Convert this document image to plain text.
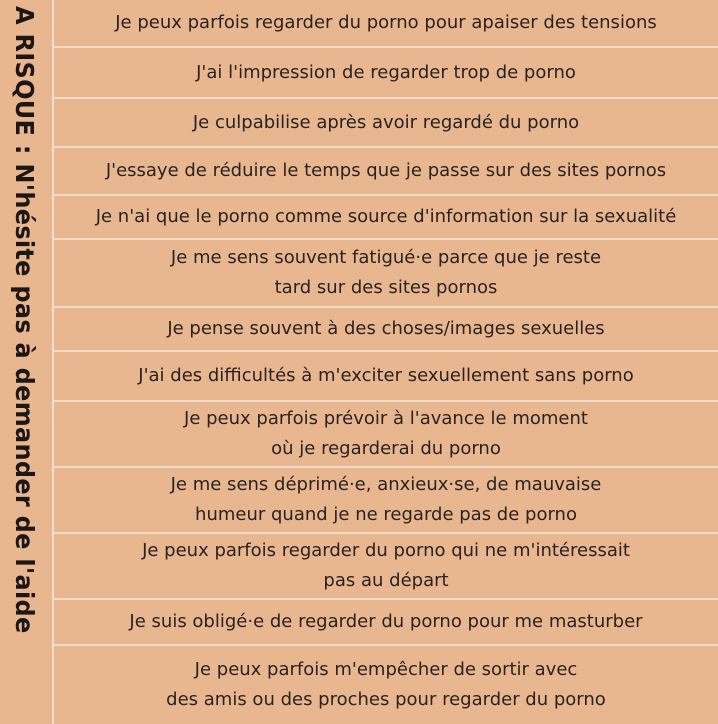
A RISQUE : N'hésite pas à demander de l'aide	Je peux parfois regarder du porno pour apaiser des tensions
J'ai l'impression de regarder trop de porno
Je culpabilise après avoir regardé du porno
J'essaye de réduire le temps que je passe sur des sites pornos
Je n'ai que le porno comme source d'information sur la sexualité
Je me sens souvent fatigué·e parce que je reste
tard sur des sites pornos
Je pense souvent à des choses/images sexuelles
J'ai des difficultés à m'exciter sexuellement sans porno
Je peux parfois prévoir à l'avance le moment
où je regarderai du porno
Je me sens déprimé·e, anxieux·se, de mauvaise
humeur quand je ne regarde pas de porno
Je peux parfois regarder du porno qui ne m'intéressait
pas au départ
Je suis obligé·e de regarder du porno pour me masturber
Je peux parfois m'empêcher de sortir avec
des amis ou des proches pour regarder du porno
